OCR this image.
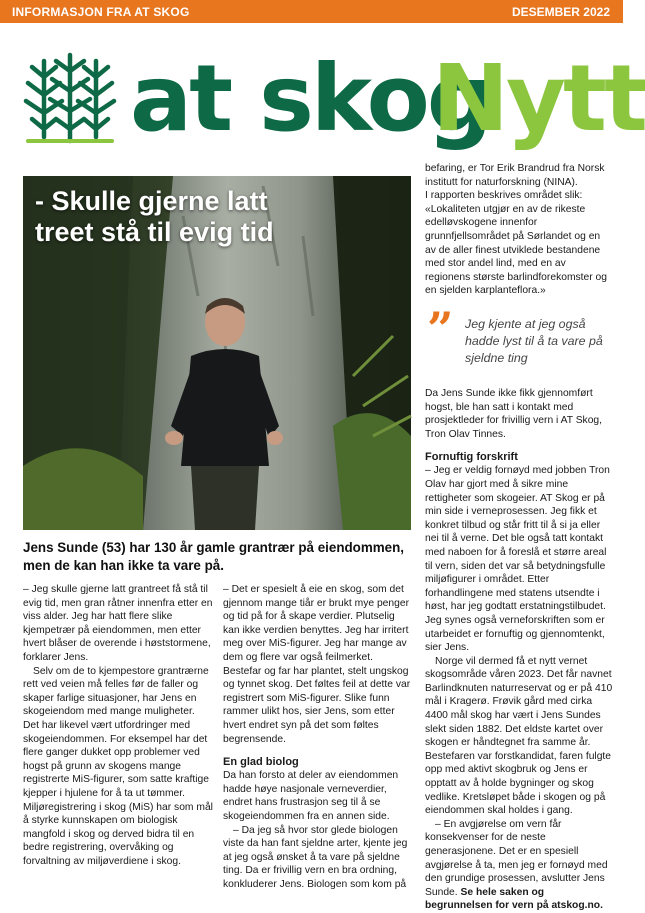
INFORMASJON FRA AT SKOG	DESEMBER 2022
at skog
Nytt
- Skulle gjerne latt
treet stå til evig tid
Jens Sunde (53) har 130 år gamle grantrær på eiendommen, men de kan han ikke ta vare på.

– Jeg skulle gjerne latt grantreet få stå til evig tid, men gran råtner innenfra etter en viss alder. Jeg har hatt flere slike kjempetrær på eiendommen, men etter hvert blåser de overende i høststormene, forklarer Jens.

Selv om de to kjempestore grantrærne rett ved veien må felles før de faller og skaper farlige situasjoner, har Jens en skogeiendom med mange muligheter. Det har likevel vært utfordringer med skogeiendommen. For eksempel har det flere ganger dukket opp problemer ved hogst på grunn av skogens mange registrerte MiS-figurer, som satte kraftige kjepper i hjulene for å ta ut tømmer. Miljøregistrering i skog (MiS) har som mål å styrke kunnskapen om biologisk mangfold i skog og derved bidra til en bedre registrering, overvåking og forvaltning av miljøverdiene i skog.

– Det er spesielt å eie en skog, som det gjennom mange tiår er brukt mye penger og tid på for å skape verdier. Plutselig kan ikke verdien benyttes. Jeg har irritert meg over MiS-figurer. Jeg har mange av dem og flere var også feilmerket. Bestefar og far har plantet, stelt ungskog og tynnet skog. Det føltes feil at dette var registrert som MiS-figurer. Slike funn rammer ulikt hos, sier Jens, som etter hvert endret syn på det som føltes begrensende.

En glad biolog

Da han forsto at deler av eiendommen hadde høye nasjonale verneverdier, endret hans frustrasjon seg til å se skogeiendommen fra en annen side.

– Da jeg så hvor stor glede biologen viste da han fant sjeldne arter, kjente jeg at jeg også ønsket å ta vare på sjeldne ting. Da er frivillig vern en bra ordning, konkluderer Jens. Biologen som kom på

befaring, er Tor Erik Brandrud fra Norsk institutt for naturforskning (NINA).

I rapporten beskrives området slik:

«Lokaliteten utgjør en av de rikeste edelløvskogene innenfor grunnfjellsområdet på Sørlandet og en av de aller finest utviklede bestandene med stor andel lind, med en av regionens største barlindforekomster og en sjelden karplanteflora.»

” Jeg kjente at jeg også hadde lyst til å ta vare på sjeldne ting

Da Jens Sunde ikke fikk gjennomført hogst, ble han satt i kontakt med prosjektleder for frivillig vern i AT Skog, Tron Olav Tinnes.

Fornuftig forskrift

– Jeg er veldig fornøyd med jobben Tron Olav har gjort med å sikre mine rettigheter som skogeier. AT Skog er på min side i verneprosessen. Jeg fikk et konkret tilbud og står fritt til å si ja eller nei til å verne. Det ble også tatt kontakt med naboen for å foreslå et større areal til vern, siden det var så betydningsfulle miljøfigurer i området. Etter forhandlingene med statens utsendte i høst, har jeg godtatt erstatningstilbudet. Jeg synes også verneforskriften som er utarbeidet er fornuftig og gjennomtenkt, sier Jens.

Norge vil dermed få et nytt vernet skogsområde våren 2023. Det får navnet Barlindknuten naturreservat og er på 410 mål i Kragerø. Frøvik gård med cirka 4400 mål skog har vært i Jens Sundes slekt siden 1882. Det eldste kartet over skogen er håndtegnet fra samme år. Bestefaren var forstkandidat, faren fulgte opp med aktivt skogbruk og Jens er opptatt av å holde bygninger og skog vedlike. Kretsløpet både i skogen og på eiendommen skal holdes i gang.

– En avgjørelse om vern får konsekvenser for de neste generasjonene. Det er en spesiell avgjørelse å ta, men jeg er fornøyd med den grundige prosessen, avslutter Jens Sunde. Se hele saken og begrunnelsen for vern på atskog.no.
